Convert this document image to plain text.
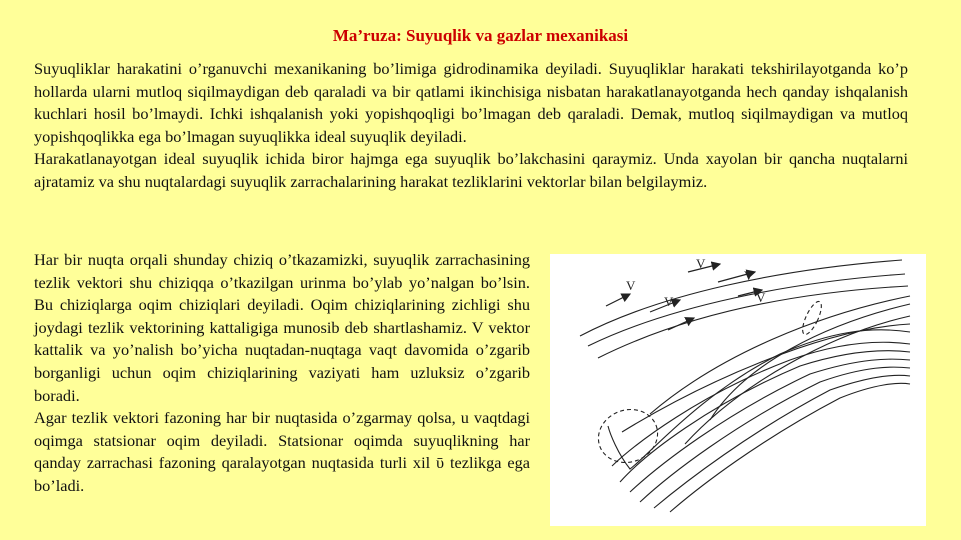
Ma’ruza: Suyuqlik va gazlar mexanikasi

Suyuqliklar harakatini o’rganuvchi mexanikaning bo’limiga gidrodinamika deyiladi. Suyuqliklar harakati tekshirilayotganda ko’p hollarda ularni mutloq siqilmaydigan deb qaraladi va bir qatlami ikinchisiga nisbatan harakatlanayotganda hech qanday ishqalanish kuchlari hosil bo’lmaydi. Ichki ishqalanish yoki yopishqoqligi bo’lmagan deb qaraladi. Demak, mutloq siqilmaydigan va mutloq yopishqoqlikka ega bo’lmagan suyuqlikka ideal suyuqlik deyiladi.

Harakatlanayotgan ideal suyuqlik ichida biror hajmga ega suyuqlik bo’lakchasini qaraymiz. Unda xayolan bir qancha nuqtalarni ajratamiz va shu nuqtalardagi suyuqlik zarrachalarining harakat tezliklarini vektorlar bilan belgilaymiz.

Har bir nuqta orqali shunday chiziq o’tkazamizki, suyuqlik zarrachasining tezlik vektori shu chiziqqa o’tkazilgan urinma bo’ylab yo’nalgan bo’lsin. Bu chiziqlarga oqim chiziqlari deyiladi. Oqim chiziqlarining zichligi shu joydagi tezlik vektorining kattaligiga munosib deb shartlashamiz. V vektor kattalik va yo’nalish bo’yicha nuqtadan-nuqtaga vaqt davomida o’zgarib borganligi uchun oqim chiziqlarining vaziyati ham uzluksiz o’zgarib boradi.

Agar tezlik vektori fazoning har bir nuqtasida o’zgarmay qolsa, u vaqtdagi oqimga statsionar oqim deyiladi. Statsionar oqimda suyuqlikning har qanday zarrachasi fazoning qaralayotgan nuqtasida turli xil ῡ tezlikga ega bo’ladi.

V
V
V
V	V
V
